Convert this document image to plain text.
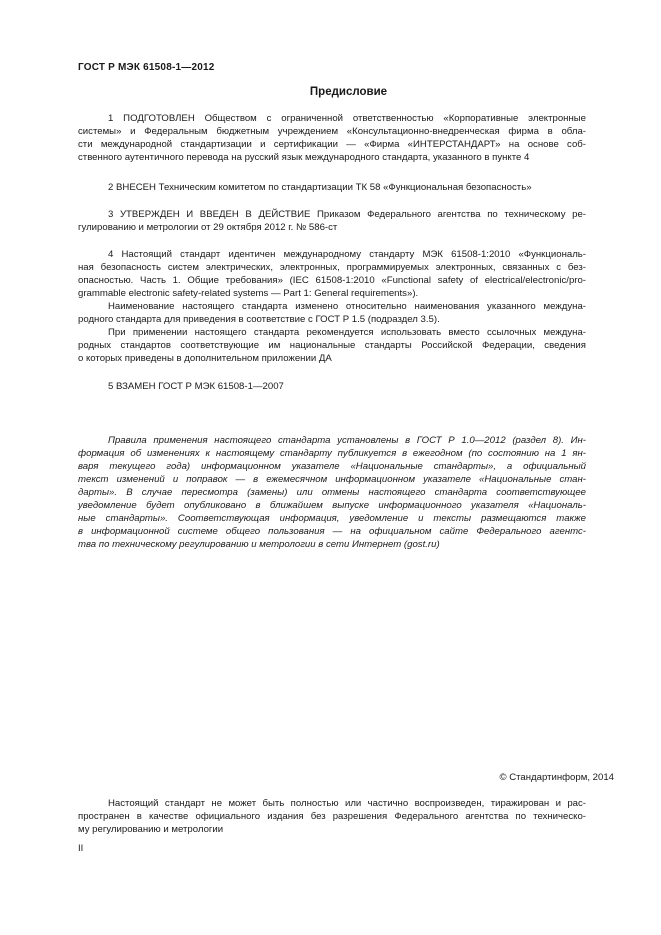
ГОСТ Р МЭК 61508-1—2012
Предисловие
1 ПОДГОТОВЛЕН Обществом с ограниченной ответственностью «Корпоративные электронные
системы» и Федеральным бюджетным учреждением «Консультационно-внедренческая фирма в обла-
сти международной стандартизации и сертификации — «Фирма «ИНТЕРСТАНДАРТ» на основе соб-
ственного аутентичного перевода на русский язык международного стандарта, указанного в пункте 4
2 ВНЕСЕН Техническим комитетом по стандартизации ТК 58 «Функциональная безопасность»
3 УТВЕРЖДЕН И ВВЕДЕН В ДЕЙСТВИЕ Приказом Федерального агентства по техническому ре-
гулированию и метрологии от 29 октября 2012 г. № 586-ст
4 Настоящий стандарт идентичен международному стандарту МЭК 61508-1:2010 «Функциональ-
ная безопасность систем электрических, электронных, программируемых электронных, связанных с без-
опасностью. Часть 1. Общие требования» (IEC 61508-1:2010 «Functional safety of electrical/electronic/pro-
grammable electronic safety-related systems — Part 1: General requirements»).
Наименование настоящего стандарта изменено относительно наименования указанного междуна-
родного стандарта для приведения в соответствие с ГОСТ Р 1.5 (подраздел 3.5).
При применении настоящего стандарта рекомендуется использовать вместо ссылочных междуна-
родных стандартов соответствующие им национальные стандарты Российской Федерации, сведения
о которых приведены в дополнительном приложении ДА
5 ВЗАМЕН ГОСТ Р МЭК 61508-1—2007
Правила применения настоящего стандарта установлены в ГОСТ Р 1.0—2012 (раздел 8). Ин-
формация об изменениях к настоящему стандарту публикуется в ежегодном (по состоянию на 1 ян-
варя текущего года) информационном указателе «Национальные стандарты», а официальный
текст изменений и поправок — в ежемесячном информационном указателе «Национальные стан-
дарты». В случае пересмотра (замены) или отмены настоящего стандарта соответствующее
уведомление будет опубликовано в ближайшем выпуске информационного указателя «Националь-
ные стандарты». Соответствующая информация, уведомление и тексты размещаются также
в информационной системе общего пользования — на официальном сайте Федерального агентс-
тва по техническому регулированию и метрологии в сети Интернет (gost.ru)
© Стандартинформ, 2014
Настоящий стандарт не может быть полностью или частично воспроизведен, тиражирован и рас-
пространен в качестве официального издания без разрешения Федерального агентства по техническо-
му регулированию и метрологии
II
